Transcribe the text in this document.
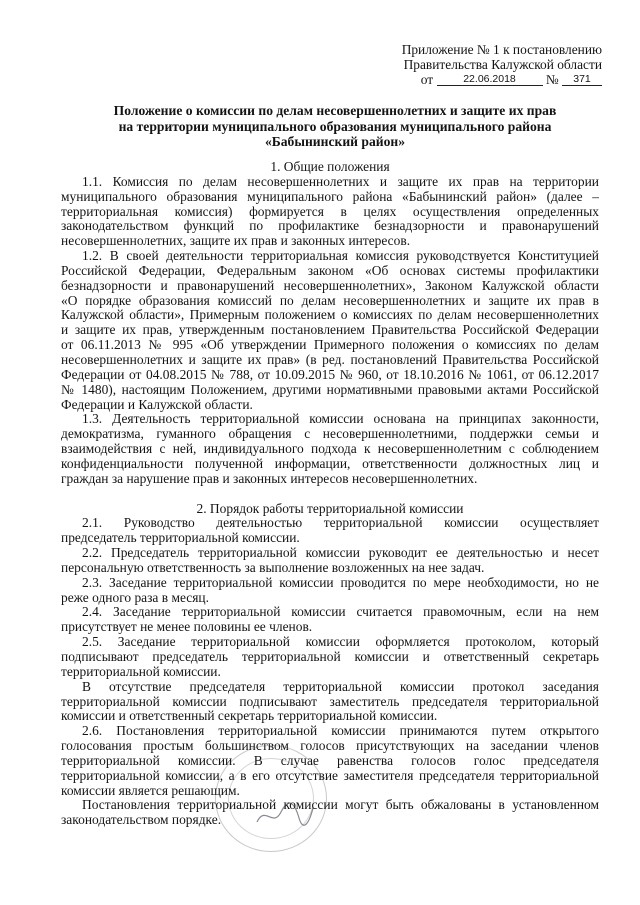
Приложение № 1 к постановлению
Правительства Калужской области
от	22.06.2018 № 371
Положение о комиссии по делам несовершеннолетних и защите их прав
на территории муниципального образования муниципального района
«Бабынинский район»
1. Общие положения
1.1. Комиссия по делам несовершеннолетних и защите их прав на территории
муниципального образования муниципального района «Бабынинский район» (далее –
территориальная комиссия) формируется в целях осуществления определенных
законодательством функций по профилактике безнадзорности и правонарушений
несовершеннолетних, защите их прав и законных интересов.
1.2. В своей деятельности территориальная комиссия руководствуется Конституцией
Российской Федерации, Федеральным законом «Об основах системы профилактики
безнадзорности и правонарушений несовершеннолетних», Законом Калужской области
«О порядке образования комиссий по делам несовершеннолетних и защите их прав в
Калужской области», Примерным положением о комиссиях по делам несовершеннолетних
и защите их прав, утвержденным постановлением Правительства Российской Федерации
от 06.11.2013 № 995 «Об утверждении Примерного положения о комиссиях по делам
несовершеннолетних и защите их прав» (в ред. постановлений Правительства Российской
Федерации от 04.08.2015 № 788, от 10.09.2015 № 960, от 18.10.2016 № 1061, от 06.12.2017
№ 1480), настоящим Положением, другими нормативными правовыми актами Российской
Федерации и Калужской области.
1.3. Деятельность территориальной комиссии основана на принципах законности,
демократизма, гуманного обращения с несовершеннолетними, поддержки семьи и
взаимодействия с ней, индивидуального подхода к несовершеннолетним с соблюдением
конфиденциальности полученной информации, ответственности должностных лиц и
граждан за нарушение прав и законных интересов несовершеннолетних.
2. Порядок работы территориальной комиссии
2.1. Руководство деятельностью территориальной комиссии осуществляет
председатель территориальной комиссии.
2.2. Председатель территориальной комиссии руководит ее деятельностью и несет
персональную ответственность за выполнение возложенных на нее задач.
2.3. Заседание территориальной комиссии проводится по мере необходимости, но не
реже одного раза в месяц.
2.4. Заседание территориальной комиссии считается правомочным, если на нем
присутствует не менее половины ее членов.
2.5. Заседание территориальной комиссии оформляется протоколом, который
подписывают председатель территориальной комиссии и ответственный секретарь
территориальной комиссии.
В отсутствие председателя территориальной комиссии протокол заседания
территориальной комиссии подписывают заместитель председателя территориальной
комиссии и ответственный секретарь территориальной комиссии.
2.6. Постановления территориальной комиссии принимаются путем открытого
голосования простым большинством голосов присутствующих на заседании членов
территориальной комиссии. В случае равенства голосов голос председателя
территориальной комиссии, а в его отсутствие заместителя председателя территориальной
комиссии является решающим.
Постановления территориальной комиссии могут быть обжалованы в установленном
законодательством порядке.
